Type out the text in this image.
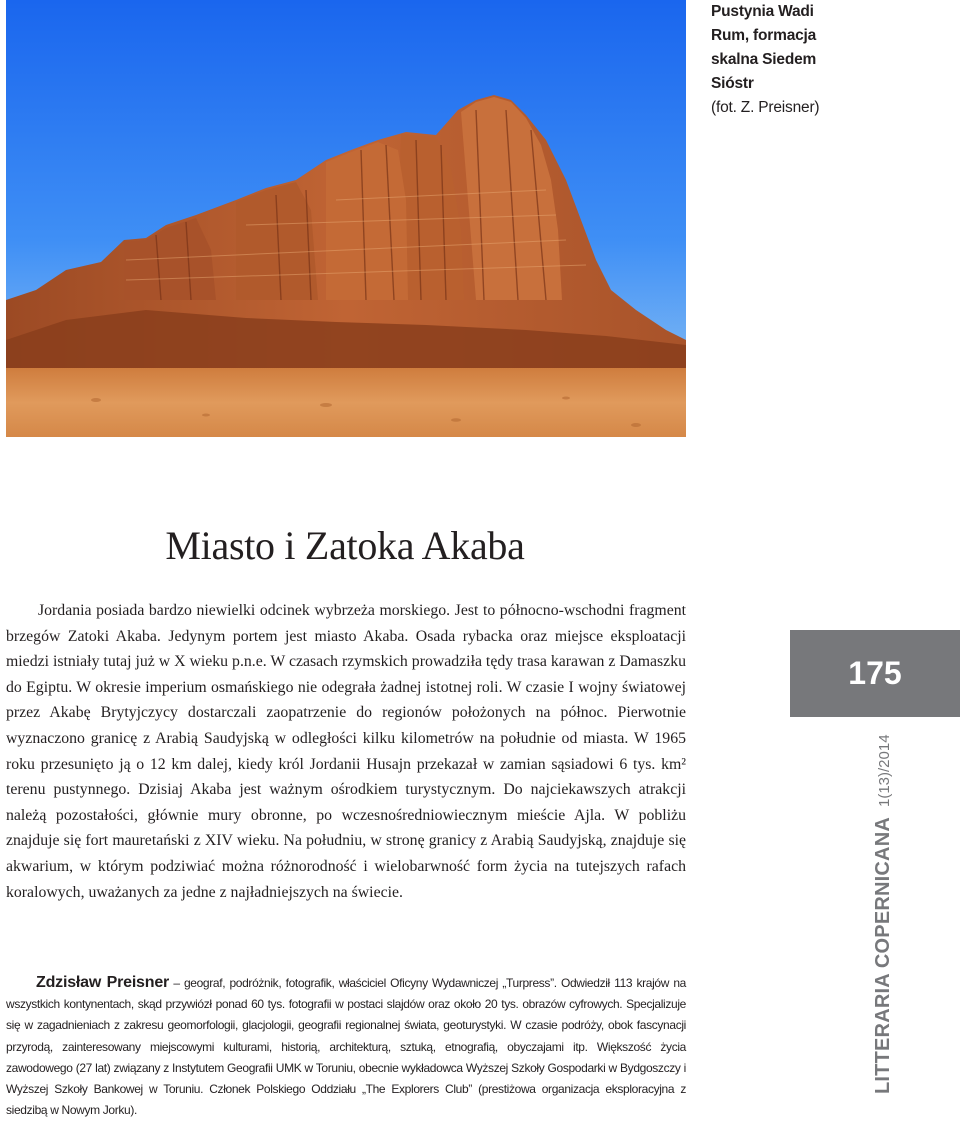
Pustynia Wadi Rum, formacja skalna Siedem Sióstr
(fot. Z. Preisner)
Miasto i Zatoka Akaba

Jordania posiada bardzo niewielki odcinek wybrzeża morskiego. Jest to północno-wschodni fragment brzegów Zatoki Akaba. Jedynym portem jest miasto Akaba. Osada rybacka oraz miejsce eksploatacji miedzi istniały tutaj już w X wieku p.n.e. W czasach rzymskich prowadziła tędy trasa karawan z Damaszku do Egiptu. W okresie imperium osmańskiego nie odegrała żadnej istotnej roli. W czasie I wojny światowej przez Akabę Brytyjczycy dostarczali zaopatrzenie do regionów położonych na północ. Pierwotnie wyznaczono granicę z Arabią Saudyjską w odległości kilku kilometrów na południe od miasta. W 1965 roku przesunięto ją o 12 km dalej, kiedy król Jordanii Husajn przekazał w zamian sąsiadowi 6 tys. km² terenu pustynnego. Dzisiaj Akaba jest ważnym ośrodkiem turystycznym. Do najciekawszych atrakcji należą pozostałości, głównie mury obronne, po wczesnośredniowiecznym mieście Ajla. W pobliżu znajduje się fort mauretański z XIV wieku. Na południu, w stronę granicy z Arabią Saudyjską, znajduje się akwarium, w którym podziwiać można różnorodność i wielobarwność form życia na tutejszych rafach koralowych, uważanych za jedne z najładniejszych na świecie.

Zdzisław Preisner – geograf, podróżnik, fotografik, właściciel Oficyny Wydawniczej „Turpress”. Odwiedził 113 krajów na wszystkich kontynentach, skąd przywiózł ponad 60 tys. fotografii w postaci slajdów oraz około 20 tys. obrazów cyfrowych. Specjalizuje się w zagadnieniach z zakresu geomorfologii, glacjologii, geografii regionalnej świata, geoturystyki. W czasie podróży, obok fascynacji przyrodą, zainteresowany miejscowymi kulturami, historią, architekturą, sztuką, etnografią, obyczajami itp. Większość życia zawodowego (27 lat) związany z Instytutem Geografii UMK w Toruniu, obecnie wykładowca Wyższej Szkoły Gospodarki w Bydgoszczy i Wyższej Szkoły Bankowej w Toruniu. Członek Polskiego Oddziału „The Explorers Club” (prestiżowa organizacja eksploracyjna z siedzibą w Nowym Jorku).

175
LITTERARIA COPERNICANA1(13)/2014
